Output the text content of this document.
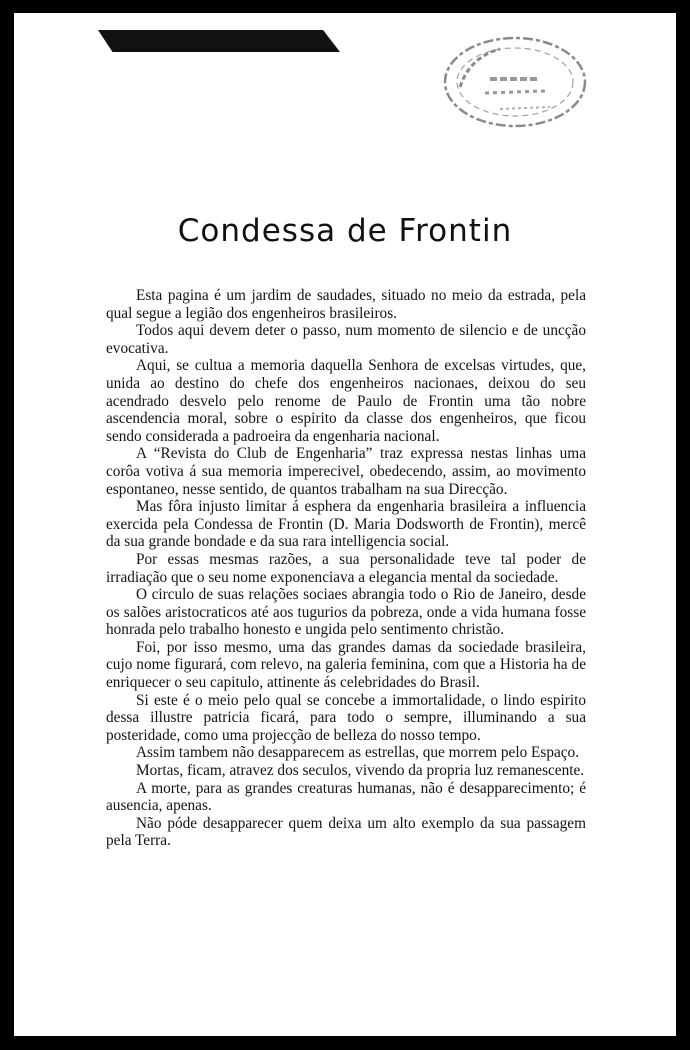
Condessa de Frontin

Esta pagina é um jardim de saudades, situado no meio da estrada, pela qual segue a legião dos engenheiros brasileiros.

Todos aqui devem deter o passo, num momento de silencio e de uncção evocativa.

Aqui, se cultua a memoria daquella Senhora de excelsas virtudes, que, unida ao destino do chefe dos engenheiros nacionaes, deixou do seu acendrado desvelo pelo renome de Paulo de Frontin uma tão nobre ascendencia moral, sobre o espirito da classe dos engenheiros, que ficou sendo considerada a padroeira da engenharia nacional.

A “Revista do Club de Engenharia” traz expressa nestas linhas uma corôa votiva á sua memoria imperecivel, obedecendo, assim, ao movimento espontaneo, nesse sentido, de quantos trabalham na sua Direcção.

Mas fôra injusto limitar á esphera da engenharia brasileira a influencia exercida pela Condessa de Frontin (D. Maria Dodsworth de Frontin), mercê da sua grande bondade e da sua rara intelligencia social.

Por essas mesmas razões, a sua personalidade teve tal poder de irradiação que o seu nome exponenciava a elegancia mental da sociedade.

O circulo de suas relações sociaes abrangia todo o Rio de Janeiro, desde os salões aristocraticos até aos tugurios da pobreza, onde a vida humana fosse honrada pelo trabalho honesto e ungida pelo sentimento christão.

Foi, por isso mesmo, uma das grandes damas da sociedade brasileira, cujo nome figurará, com relevo, na galeria feminina, com que a Historia ha de enriquecer o seu capitulo, attinente ás celebridades do Brasil.

Si este é o meio pelo qual se concebe a immortalidade, o lindo espirito dessa illustre patricia ficará, para todo o sempre, illuminando a sua posteridade, como uma projecção de belleza do nosso tempo.

Assim tambem não desapparecem as estrellas, que morrem pelo Espaço.

Mortas, ficam, atravez dos seculos, vivendo da propria luz remanescente.

A morte, para as grandes creaturas humanas, não é desapparecimento; é ausencia, apenas.

Não póde desapparecer quem deixa um alto exemplo da sua passagem pela Terra.
